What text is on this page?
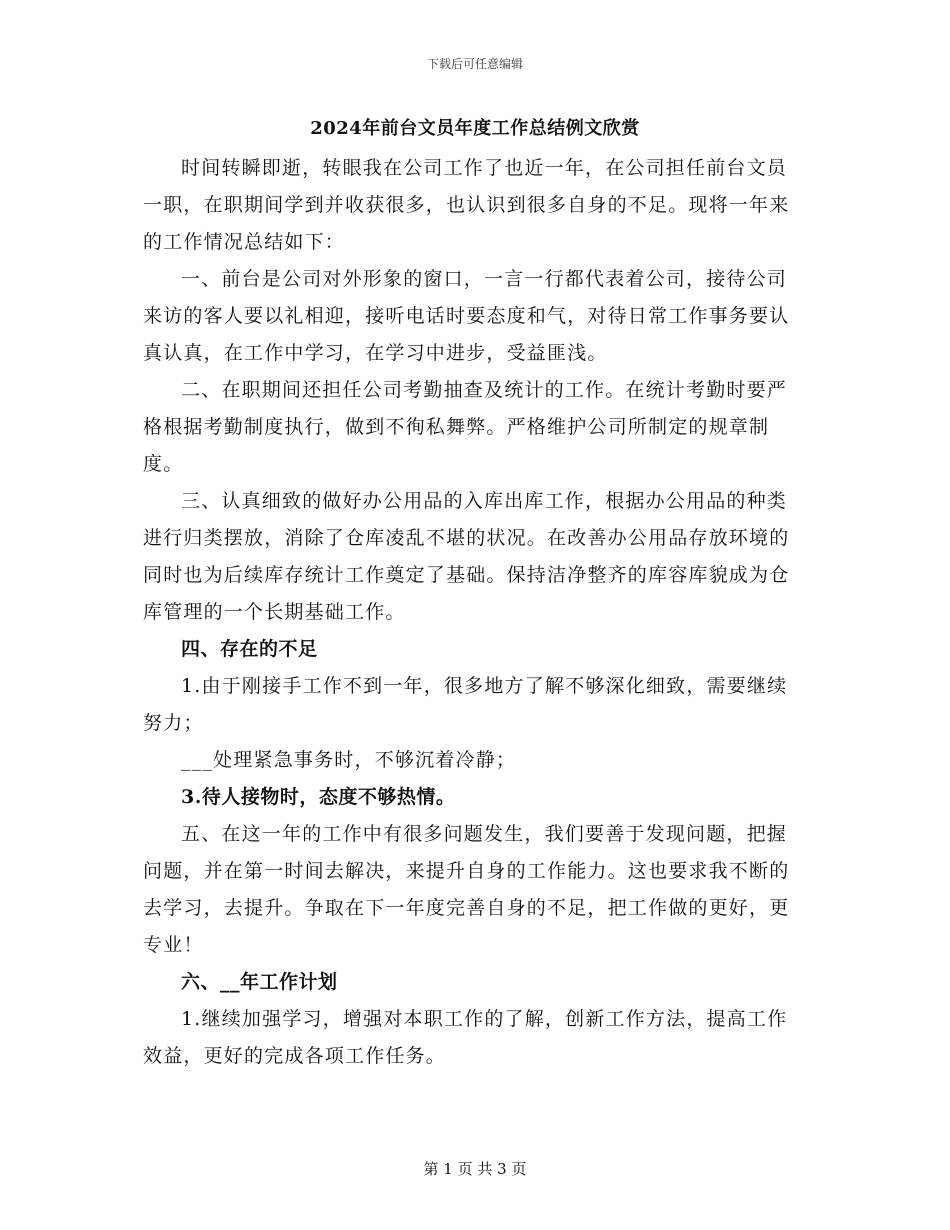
下载后可任意编辑
2024年前台文员年度工作总结例文欣赏

时间转瞬即逝，转眼我在公司工作了也近一年，在公司担任前台文员一职，在职期间学到并收获很多，也认识到很多自身的不足。现将一年来的工作情况总结如下：

一、前台是公司对外形象的窗口，一言一行都代表着公司，接待公司来访的客人要以礼相迎，接听电话时要态度和气，对待日常工作事务要认真认真，在工作中学习，在学习中进步，受益匪浅。

二、在职期间还担任公司考勤抽查及统计的工作。在统计考勤时要严格根据考勤制度执行，做到不徇私舞弊。严格维护公司所制定的规章制度。

三、认真细致的做好办公用品的入库出库工作，根据办公用品的种类进行归类摆放，消除了仓库凌乱不堪的状况。在改善办公用品存放环境的同时也为后续库存统计工作奠定了基础。保持洁净整齐的库容库貌成为仓库管理的一个长期基础工作。

四、存在的不足

1.由于刚接手工作不到一年，很多地方了解不够深化细致，需要继续努力；

___处理紧急事务时，不够沉着冷静；

3.待人接物时，态度不够热情。

五、在这一年的工作中有很多问题发生，我们要善于发现问题，把握问题，并在第一时间去解决，来提升自身的工作能力。这也要求我不断的去学习，去提升。争取在下一年度完善自身的不足，把工作做的更好，更专业！

六、__年工作计划

1.继续加强学习，增强对本职工作的了解，创新工作方法，提高工作效益，更好的完成各项工作任务。

第 1 页 共 3 页
